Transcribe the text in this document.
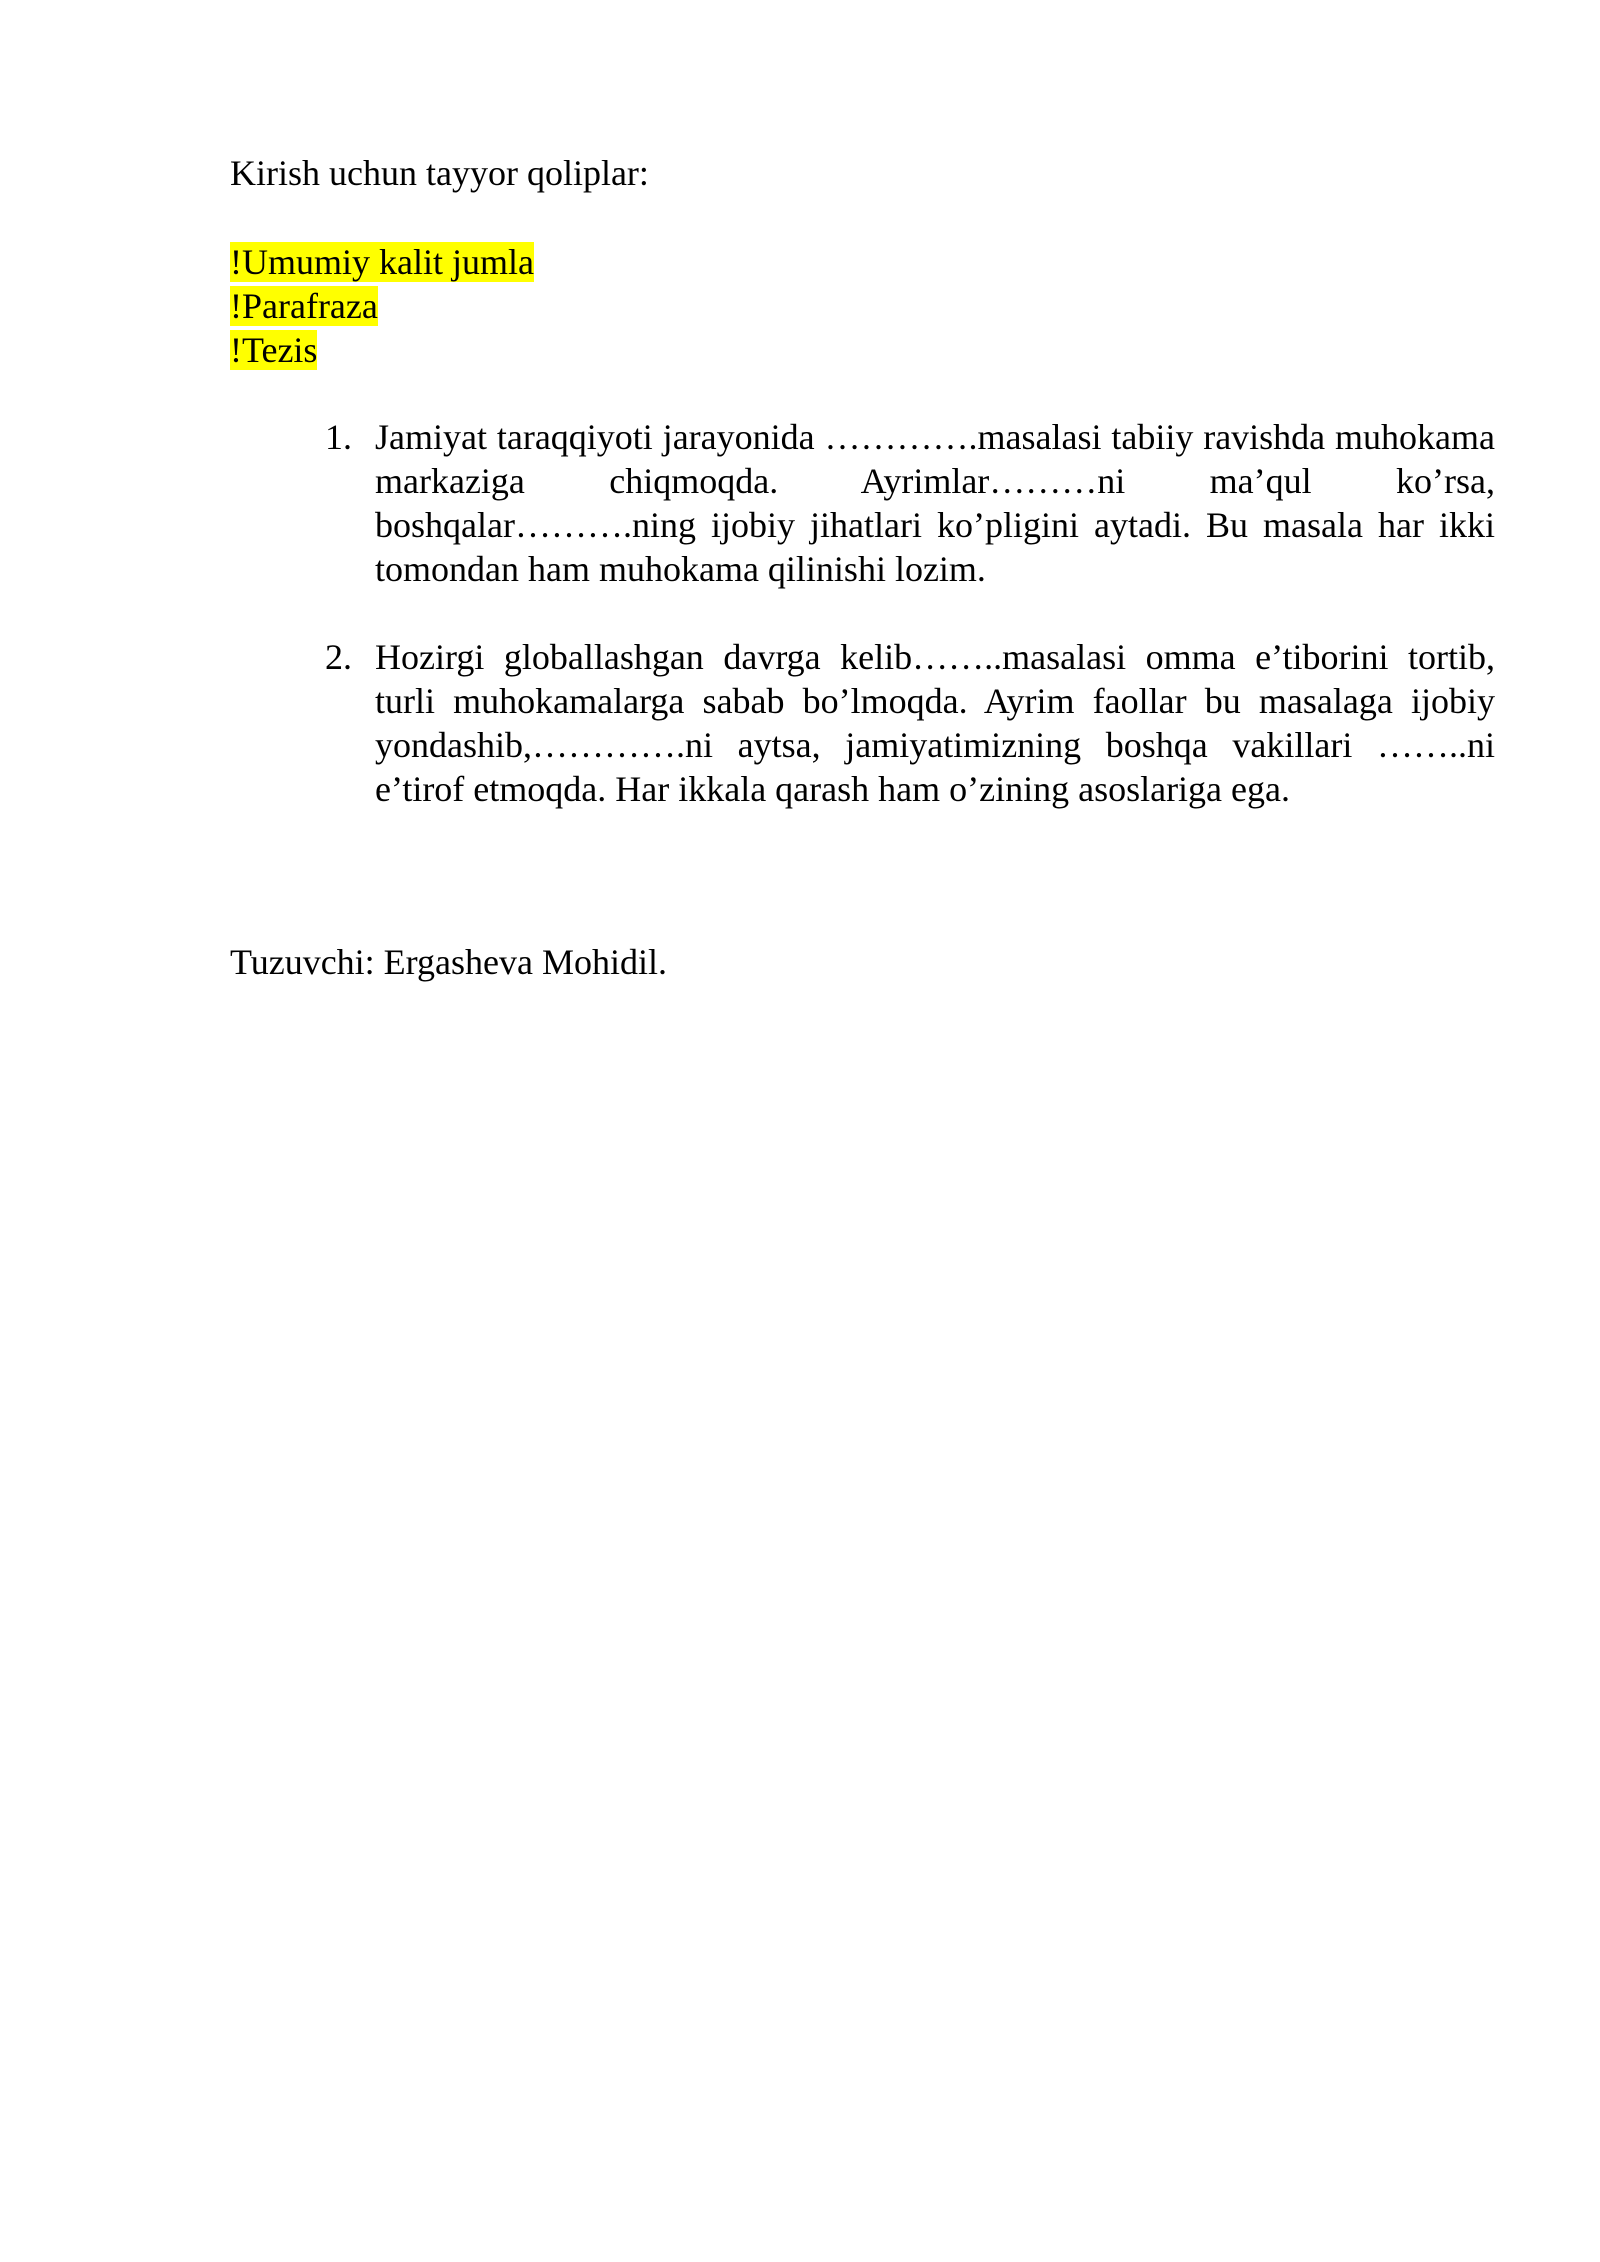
Kirish uchun tayyor qoliplar:

!Umumiy kalit jumla
!Parafraza
!Tezis
1. Jamiyat taraqqiyoti jarayonida ………….masalasi tabiiy ravishda muhokama markaziga chiqmoqda. Ayrimlar………ni ma’qul ko’rsa, boshqalar……….ning ijobiy jihatlari ko’pligini aytadi. Bu masala har ikki tomondan ham muhokama qilinishi lozim.
2. Hozirgi globallashgan davrga kelib……..masalasi omma e’tiborini tortib, turli muhokamalarga sabab bo’lmoqda. Ayrim faollar bu masalaga ijobiy yondashib,………….ni aytsa, jamiyatimizning boshqa vakillari ……..ni e’tirof etmoqda. Har ikkala qarash ham o’zining asoslariga ega.

Tuzuvchi: Ergasheva Mohidil.
